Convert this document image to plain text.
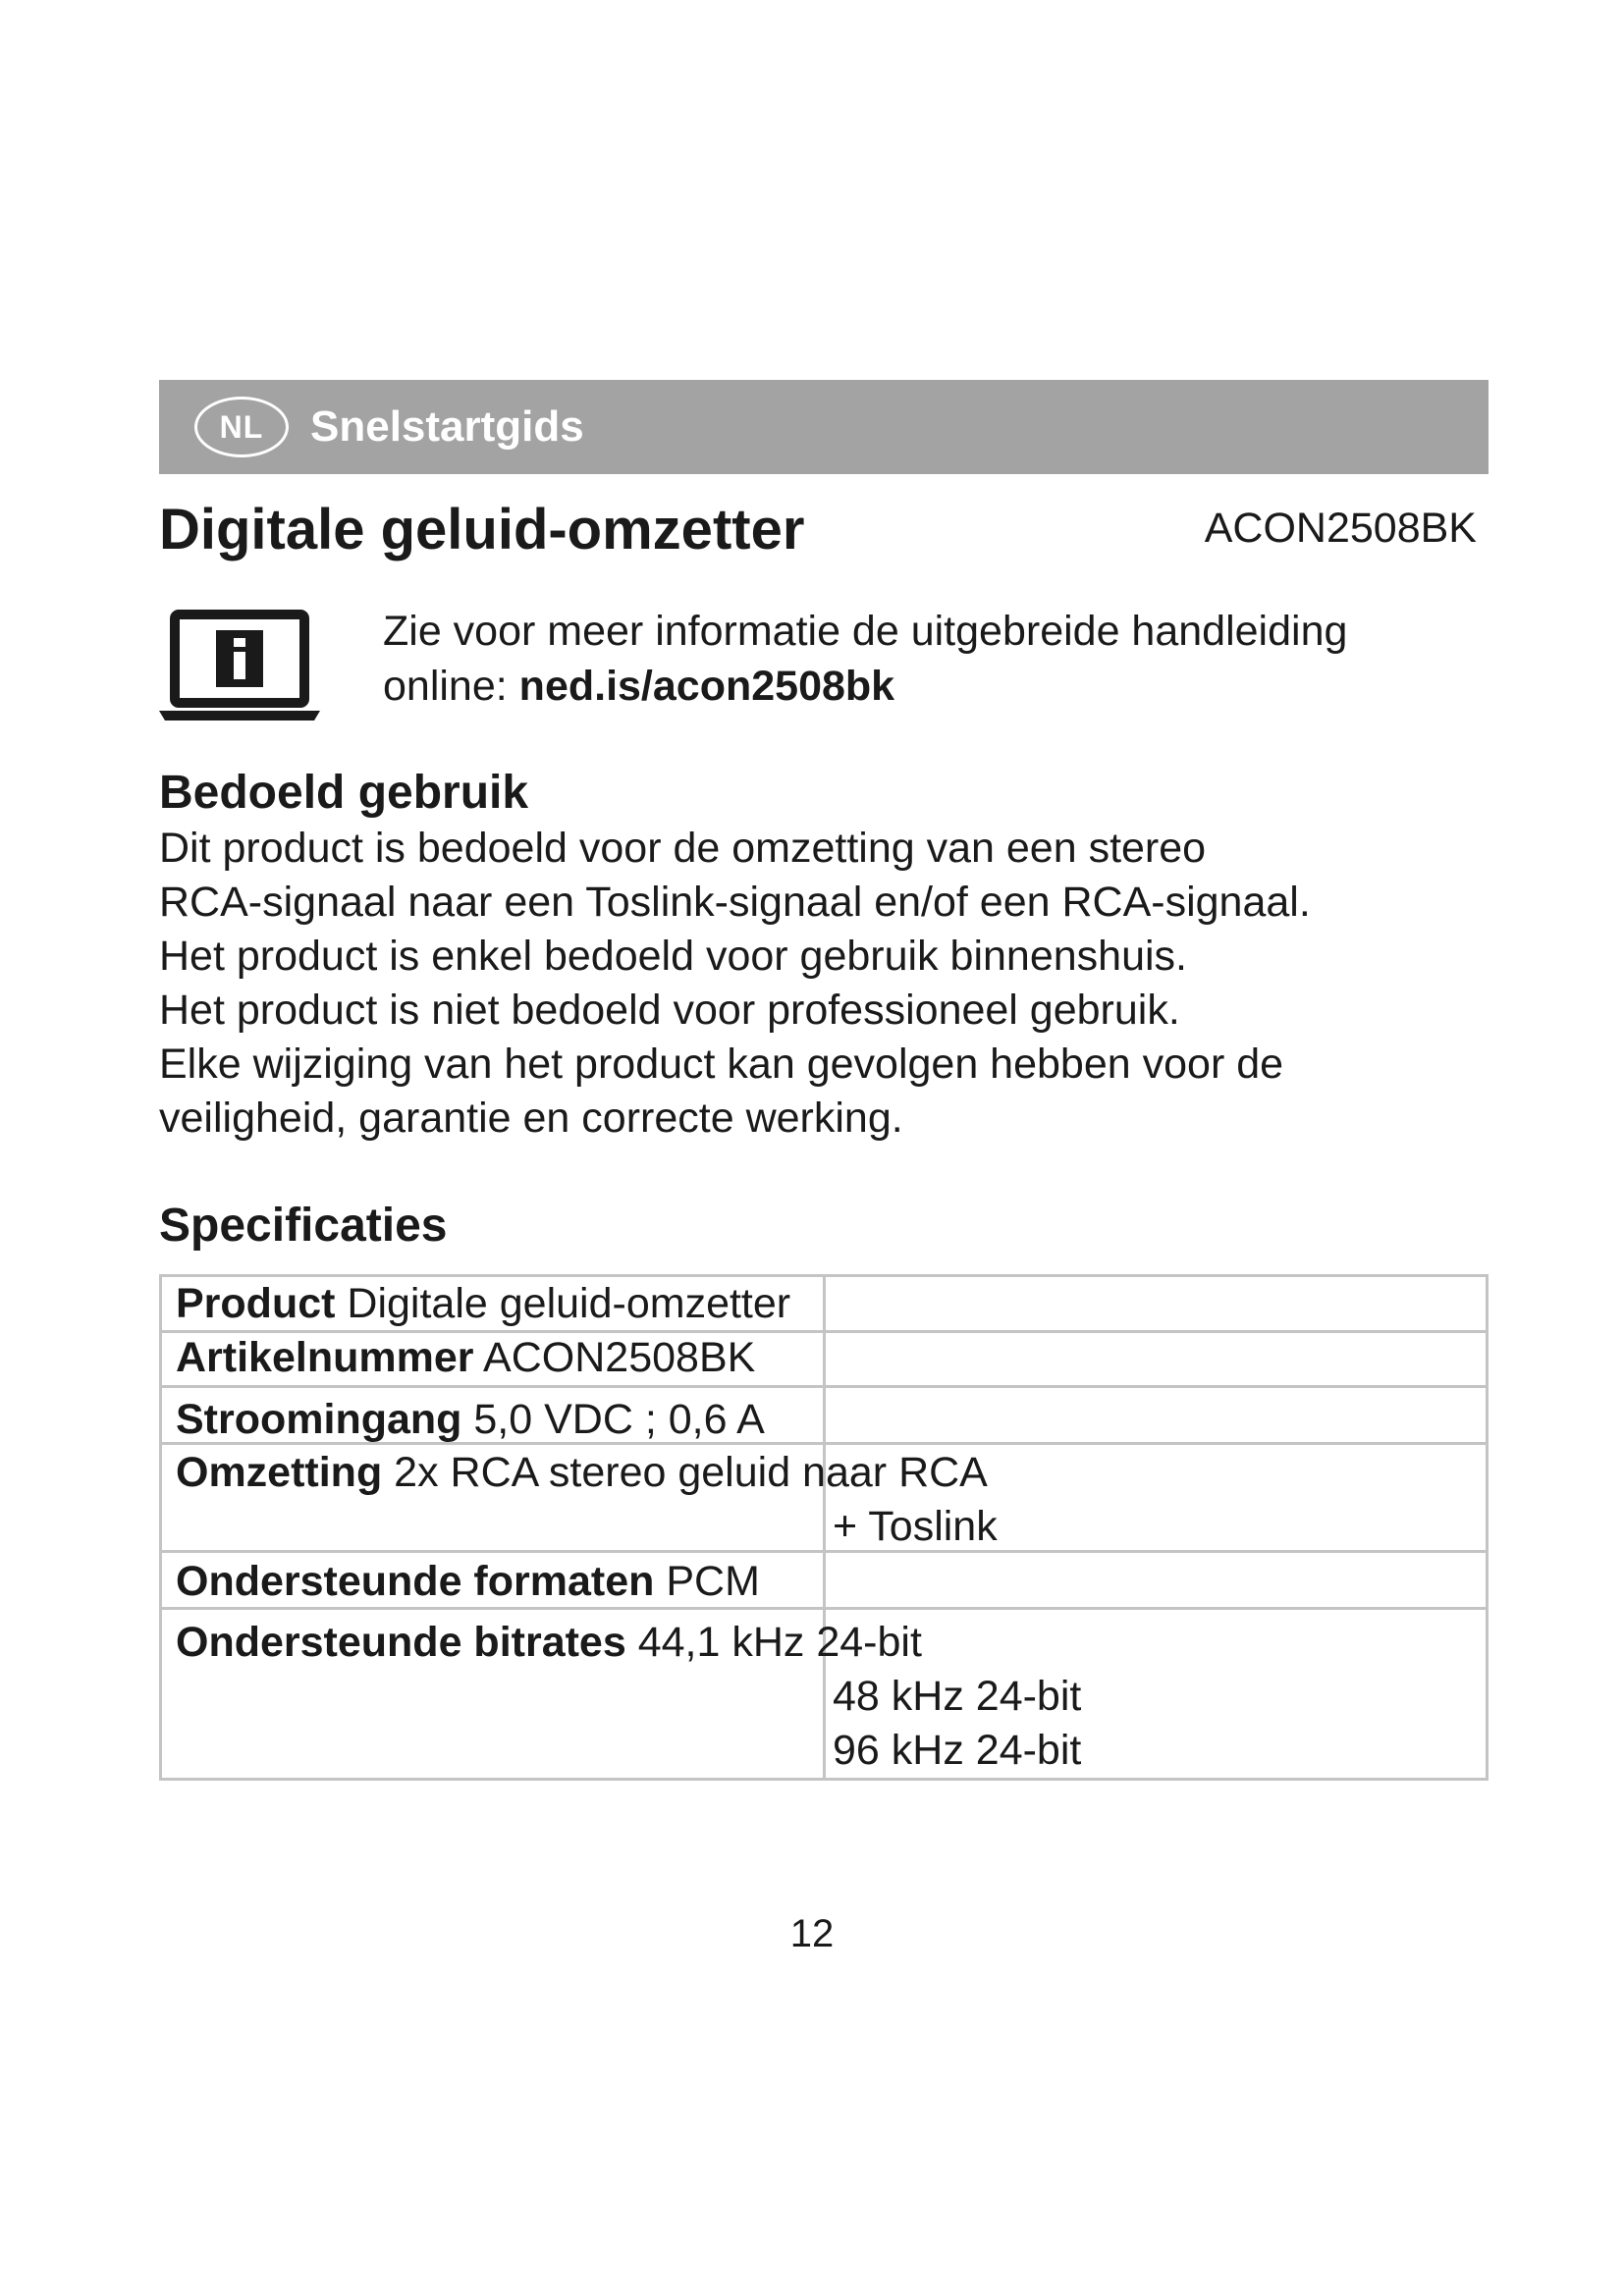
NL	Snelstartgids
Digitale geluid-omzetter	ACON2508BK
Zie voor meer informatie de uitgebreide handleiding
online: ned.is/acon2508bk
Bedoeld gebruik
Dit product is bedoeld voor de omzetting van een stereo
RCA-signaal naar een Toslink-signaal en/of een RCA-signaal.
Het product is enkel bedoeld voor gebruik binnenshuis.
Het product is niet bedoeld voor professioneel gebruik.
Elke wijziging van het product kan gevolgen hebben voor de
veiligheid, garantie en correcte werking.
Specificaties
Product Digitale geluid-omzetter
Artikelnummer ACON2508BK
Stroomingang 5,0 VDC ; 0,6 A
Omzetting 2x RCA stereo geluid naar RCA
+ Toslink
Ondersteunde formaten PCM
Ondersteunde bitrates 44,1 kHz 24-bit
48 kHz 24-bit
96 kHz 24-bit
12
